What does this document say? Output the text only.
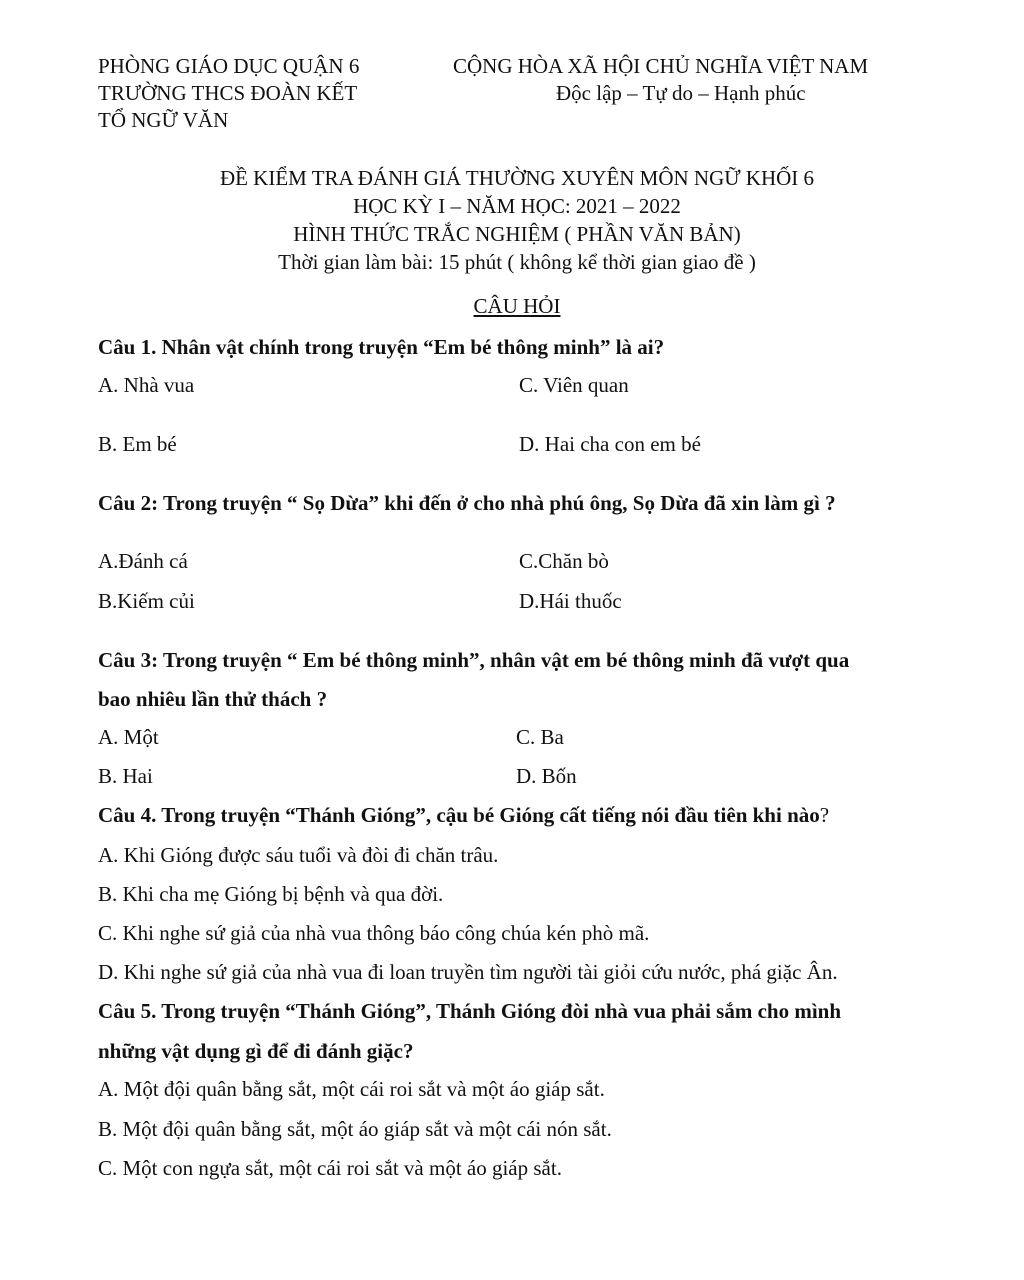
PHÒNG GIÁO DỤC QUẬN 6
TRƯỜNG THCS ĐOÀN KẾT
TỔ NGỮ VĂN
CỘNG HÒA XÃ HỘI CHỦ NGHĨA VIỆT NAM
Độc lập – Tự do – Hạnh phúc
ĐỀ KIỂM TRA ĐÁNH GIÁ THƯỜNG XUYÊN MÔN NGỮ KHỐI 6
HỌC KỲ I – NĂM HỌC: 2021 – 2022
HÌNH THỨC TRẮC NGHIỆM ( PHẦN VĂN BẢN)
Thời gian làm bài: 15 phút ( không kể thời gian giao đề )
CÂU HỎI
Câu 1. Nhân vật chính trong truyện “Em bé thông minh” là ai?
A. Nhà vua	C. Viên quan
B. Em bé	D. Hai cha con em bé
Câu 2: Trong truyện “ Sọ Dừa” khi đến ở cho nhà phú ông, Sọ Dừa đã xin làm gì ?
A.Đánh cá	C.Chăn bò
B.Kiếm củi	D.Hái thuốc
Câu 3: Trong truyện “ Em bé thông minh”, nhân vật em bé thông minh đã vượt qua
bao nhiêu lần thử thách ?
A. Một	C. Ba
B. Hai	D. Bốn
Câu 4. Trong truyện “Thánh Gióng”, cậu bé Gióng cất tiếng nói đầu tiên khi nào?
A. Khi Gióng được sáu tuổi và đòi đi chăn trâu.
B. Khi cha mẹ Gióng bị bệnh và qua đời.
C. Khi nghe sứ giả của nhà vua thông báo công chúa kén phò mã.
D. Khi nghe sứ giả của nhà vua đi loan truyền tìm người tài giỏi cứu nước, phá giặc Ân.
Câu 5. Trong truyện “Thánh Gióng”, Thánh Gióng đòi nhà vua phải sắm cho mình
những vật dụng gì để đi đánh giặc?
A. Một đội quân bằng sắt, một cái roi sắt và một áo giáp sắt.
B. Một đội quân bằng sắt, một áo giáp sắt và một cái nón sắt.
C. Một con ngựa sắt, một cái roi sắt và một áo giáp sắt.
